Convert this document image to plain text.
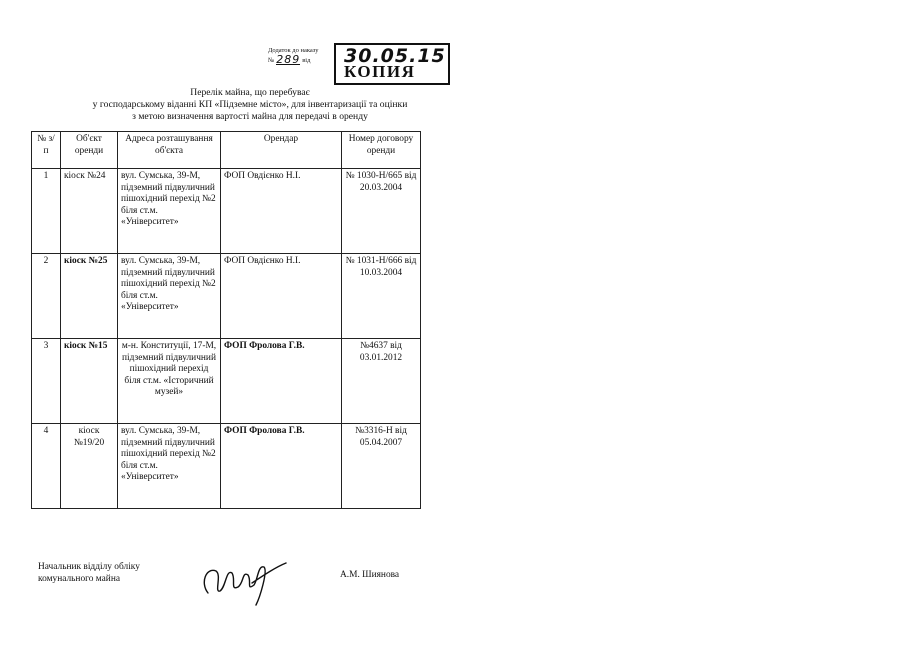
Додаток до наказу
№ 289 від 30.05.15
КОПИЯ
Перелік майна, що перебуває
у господарському віданні КП «Підземне місто», для інвентаризації та оцінки
з метою визначення вартості майна для передачі в оренду
№ з/п	Об'єкт оренди	Адреса розташування об'єкта	Орендар	Номер договору оренди
1	кіоск №24	вул. Сумська, 39-М, підземний підвуличний пішохідний перехід №2 біля ст.м. «Університет»	ФОП Овдієнко Н.І.	№ 1030-Н/665 від 20.03.2004
2	кіоск №25	вул. Сумська, 39-М, підземний підвуличний пішохідний перехід №2 біля ст.м. «Університет»	ФОП Овдієнко Н.І.	№ 1031-Н/666 від 10.03.2004
3	кіоск №15	м-н. Конституції, 17-М, підземний підвуличний пішохідний перехід біля ст.м. «Історичний музей»	ФОП Фролова Г.В.	№4637 від 03.01.2012
4	кіоск №19/20	вул. Сумська, 39-М, підземний підвуличний пішохідний перехід №2 біля ст.м. «Університет»	ФОП Фролова Г.В.	№3316-Н від 05.04.2007
Начальник відділу обліку
комунального майна	А.М. Шиянова
